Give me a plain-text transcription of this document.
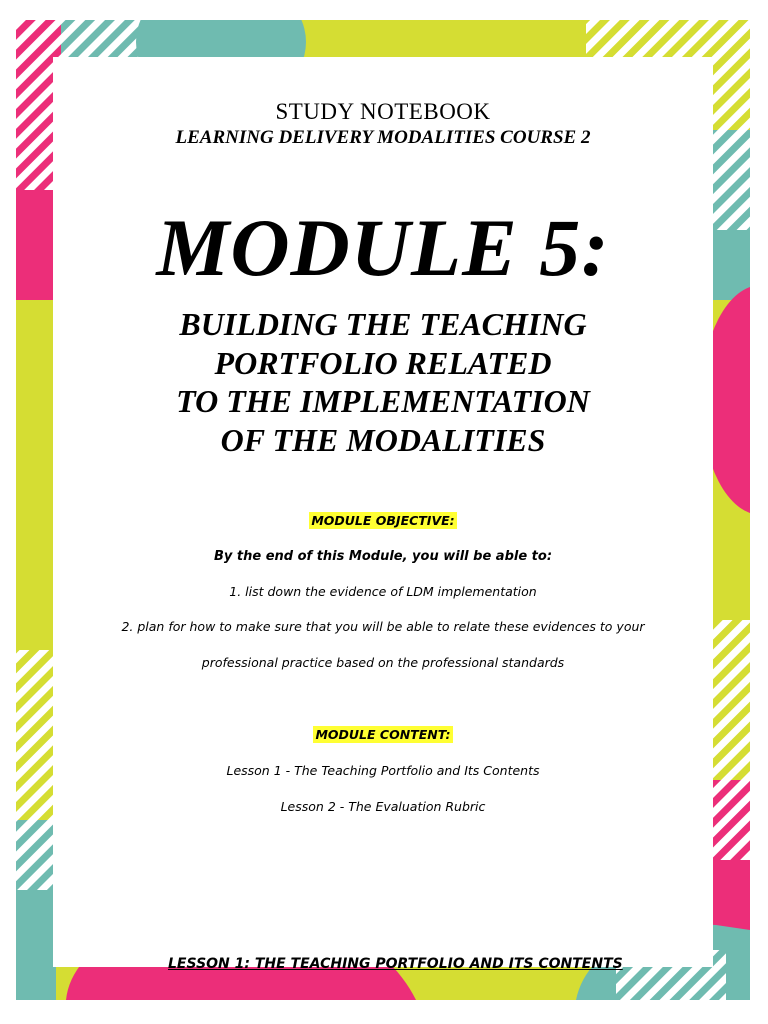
STUDY NOTEBOOK

LEARNING DELIVERY MODALITIES COURSE 2

MODULE 5:

BUILDING THE TEACHING
PORTFOLIO RELATED
TO THE IMPLEMENTATION
OF THE MODALITIES

MODULE OBJECTIVE:

By the end of this Module, you will be able to:

1. list down the evidence of LDM implementation

2. plan for how to make sure that you will be able to relate these evidences to your

professional practice based on the professional standards

MODULE CONTENT:

Lesson 1 - The Teaching Portfolio and Its Contents

Lesson 2 - The Evaluation Rubric

LESSON 1: THE TEACHING PORTFOLIO AND ITS CONTENTS
